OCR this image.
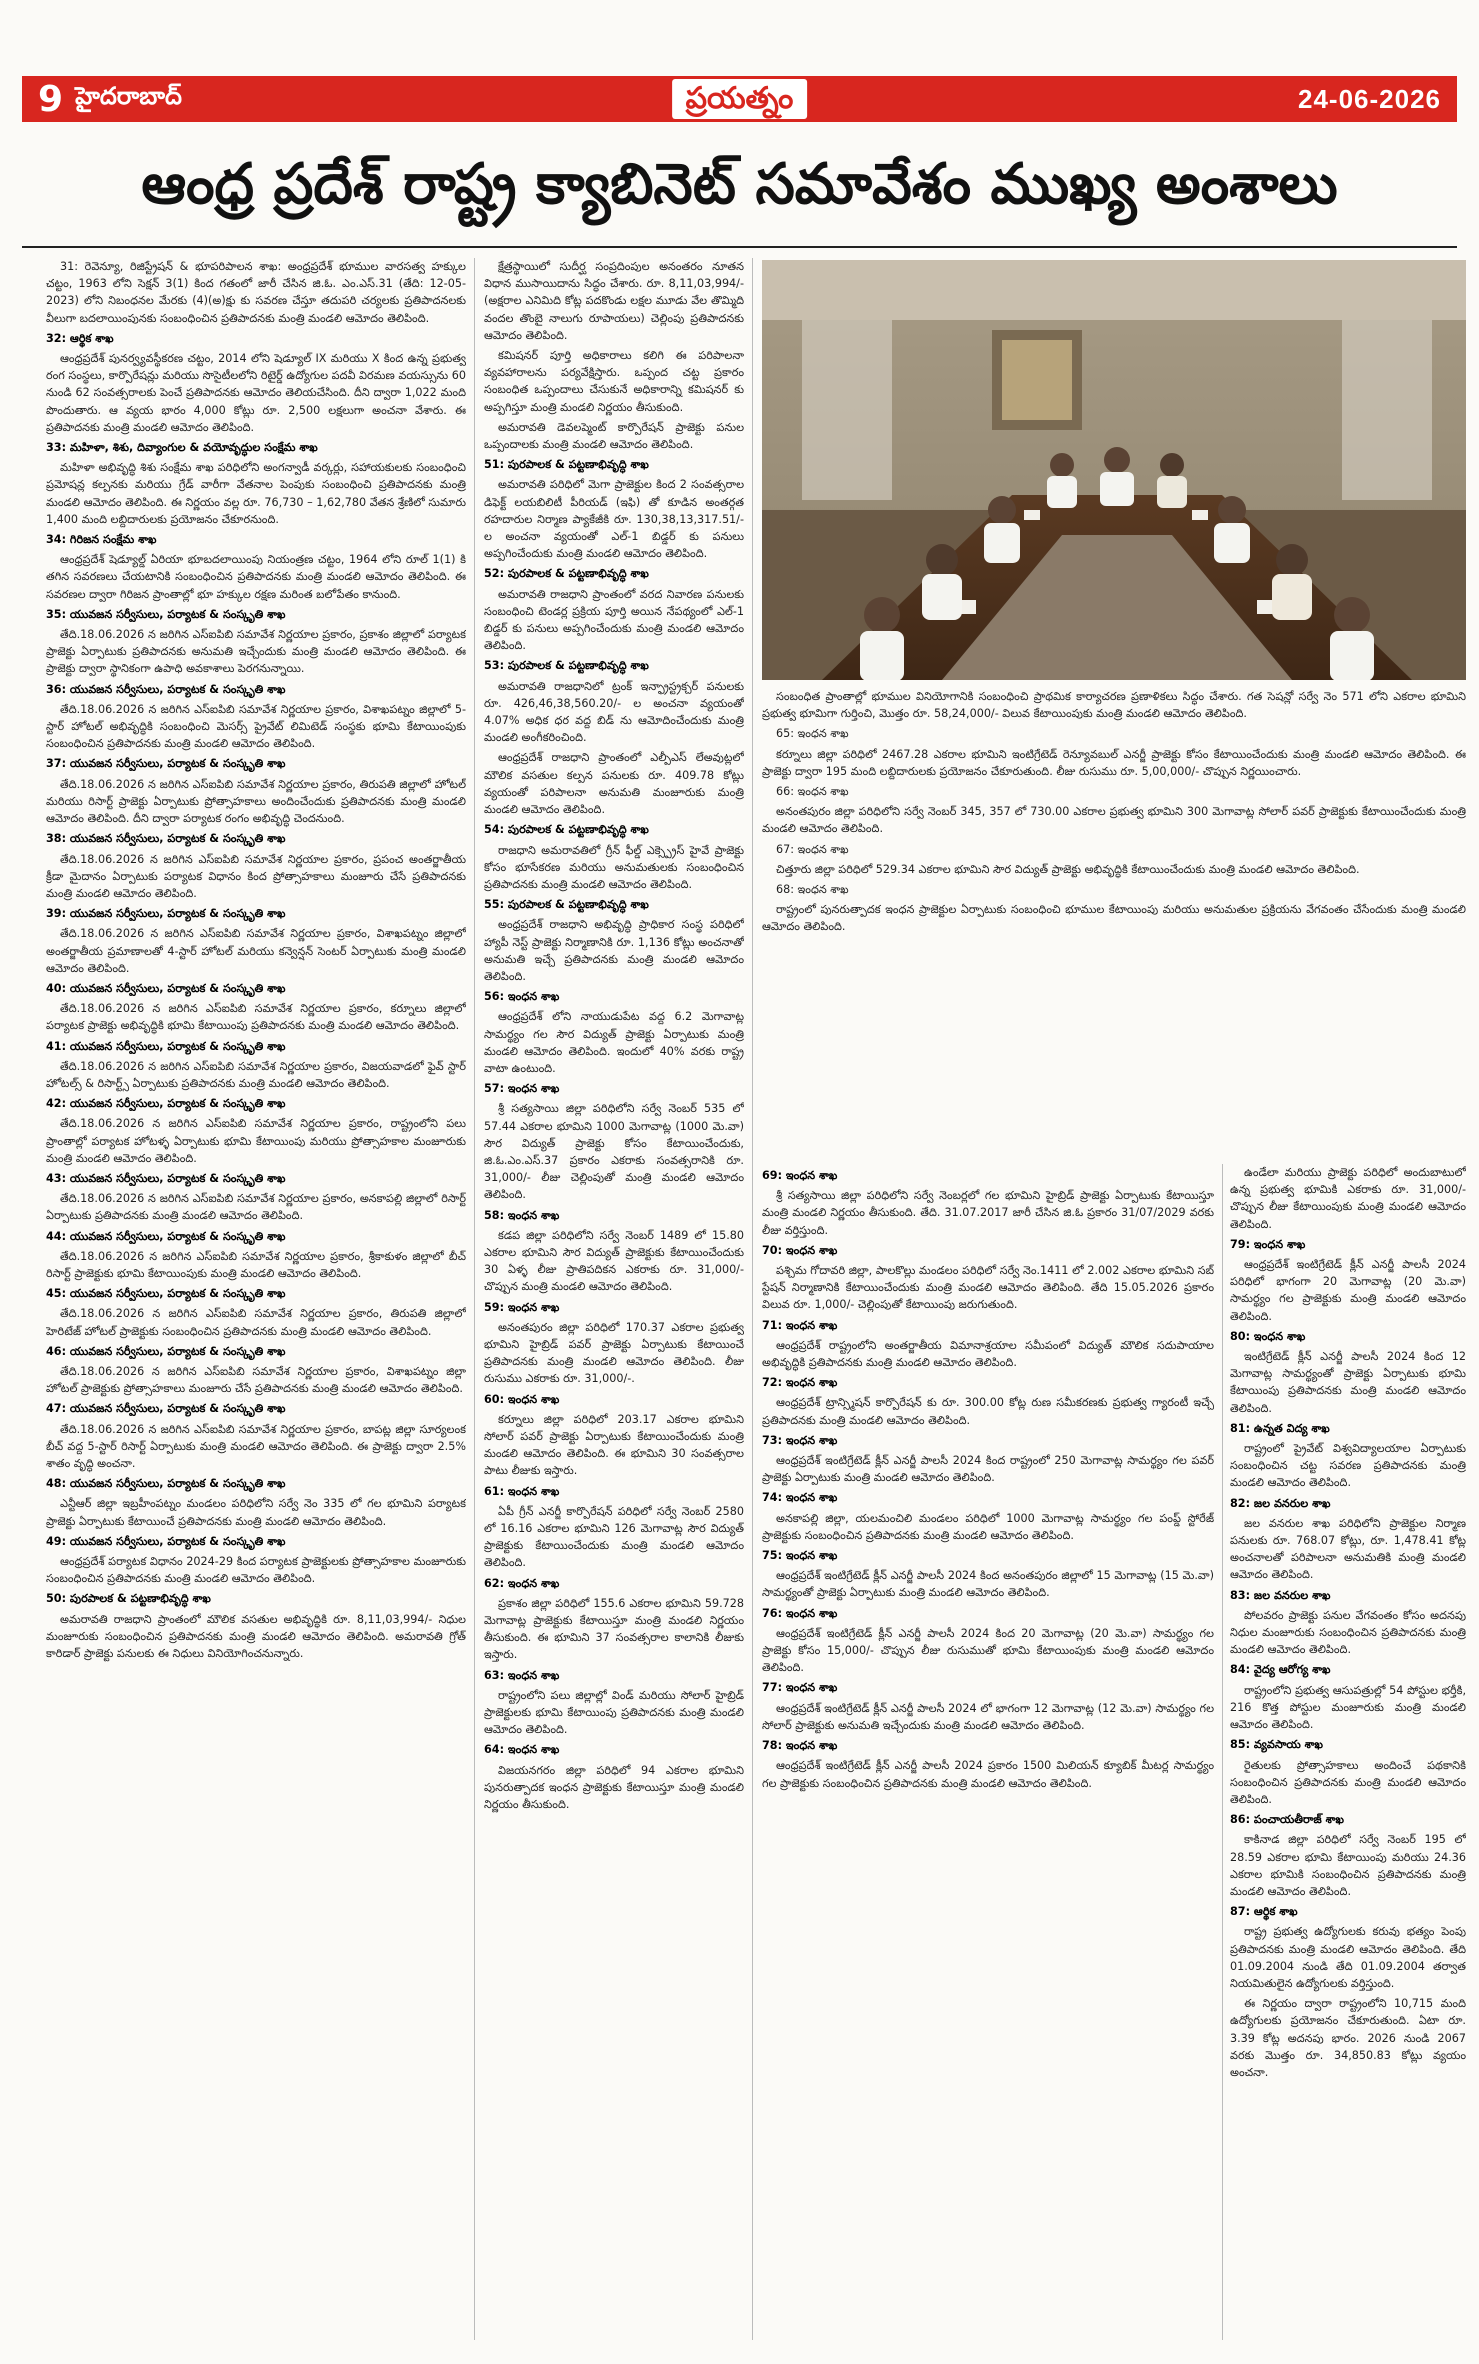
9 హైదరాబాద్	ప్రయత్నం	24-06-2026
ఆంధ్ర ప్రదేశ్ రాష్ట్ర క్యాబినెట్ సమావేశం ముఖ్య అంశాలు

31: రెవెన్యూ, రిజిస్ట్రేషన్ & భూపరిపాలన శాఖ: అంధ్రప్రదేశ్ భూముల వారసత్వ హక్కుల చట్టం, 1963 లోని సెక్షన్ 3(1) కింద గతంలో జారీ చేసిన జి.ఓ. ఎం.ఎస్.31 (తేది: 12-05-2023) లోని నిబంధనల మేరకు (4)(అ)క్షు కు సవరణ చేస్తూ తదుపరి చర్యలకు ప్రతిపాదనలకు వీలుగా బదలాయింపునకు సంబంధించిన ప్రతిపాదనకు మంత్రి మండలి ఆమోదం తెలిపింది.

32: ఆర్థిక శాఖ

ఆంధ్రప్రదేశ్ పునర్వ్యవస్థీకరణ చట్టం, 2014 లోని షెడ్యూల్ IX మరియు X కింద ఉన్న ప్రభుత్వ రంగ సంస్థలు, కార్పొరేషన్లు మరియు సొసైటీలలోని రిటైర్డ్ ఉద్యోగుల పదవీ విరమణ వయస్సును 60 నుండి 62 సంవత్సరాలకు పెంచే ప్రతిపాదనకు ఆమోదం తెలియచేసింది. దీని ద్వారా 1,022 మంది పొందుతారు. ఆ వ్యయ భారం 4,000 కోట్లు రూ. 2,500 లక్షలుగా అంచనా వేశారు. ఈ ప్రతిపాదనకు మంత్రి మండలి ఆమోదం తెలిపింది.

33: మహిళా, శిశు, దివ్యాంగుల & వయోవృద్ధుల సంక్షేమ శాఖ

మహిళా అభివృద్ధి శిశు సంక్షేమ శాఖ పరిధిలోని అంగన్వాడీ వర్కర్లు, సహాయకులకు సంబంధించి ప్రమోషన్ల కల్పనకు మరియు గ్రేడ్ వారీగా వేతనాల పెంపుకు సంబంధించి ప్రతిపాదనకు మంత్రి మండలి ఆమోదం తెలిపింది. ఈ నిర్ణయం వల్ల రూ. 76,730 – 1,62,780 వేతన శ్రేణిలో సుమారు 1,400 మంది లబ్దిదారులకు ప్రయోజనం చేకూరనుంది.

34: గిరిజన సంక్షేమ శాఖ

ఆంధ్రప్రదేశ్ షెడ్యూల్డ్ ఏరియా భూబదలాయింపు నియంత్రణ చట్టం, 1964 లోని రూల్ 1(1) కి తగిన సవరణలు చేయటానికి సంబంధించిన ప్రతిపాదనకు మంత్రి మండలి ఆమోదం తెలిపింది. ఈ సవరణల ద్వారా గిరిజన ప్రాంతాల్లో భూ హక్కుల రక్షణ మరింత బలోపేతం కానుంది.

35: యువజన సర్వీసులు, పర్యాటక & సంస్కృతి శాఖ

తేది.18.06.2026 న జరిగిన ఎస్ఐపిబి సమావేశ నిర్ణయాల ప్రకారం, ప్రకాశం జిల్లాలో పర్యాటక ప్రాజెక్టు ఏర్పాటుకు ప్రతిపాదనకు అనుమతి ఇచ్చేందుకు మంత్రి మండలి ఆమోదం తెలిపింది. ఈ ప్రాజెక్టు ద్వారా స్థానికంగా ఉపాధి అవకాశాలు పెరగనున్నాయి.

36: యువజన సర్వీసులు, పర్యాటక & సంస్కృతి శాఖ

తేది.18.06.2026 న జరిగిన ఎస్ఐపిబి సమావేశ నిర్ణయాల ప్రకారం, విశాఖపట్నం జిల్లాలో 5-స్టార్ హోటల్ అభివృద్ధికి సంబంధించి మెసర్స్ ప్రైవేట్ లిమిటెడ్ సంస్థకు భూమి కేటాయింపుకు సంబంధించిన ప్రతిపాదనకు మంత్రి మండలి ఆమోదం తెలిపింది.

37: యువజన సర్వీసులు, పర్యాటక & సంస్కృతి శాఖ

తేది.18.06.2026 న జరిగిన ఎస్ఐపిబి సమావేశ నిర్ణయాల ప్రకారం, తిరుపతి జిల్లాలో హోటల్ మరియు రిసార్ట్ ప్రాజెక్టు ఏర్పాటుకు ప్రోత్సాహకాలు అందించేందుకు ప్రతిపాదనకు మంత్రి మండలి ఆమోదం తెలిపింది. దీని ద్వారా పర్యాటక రంగం అభివృద్ధి చెందనుంది.

38: యువజన సర్వీసులు, పర్యాటక & సంస్కృతి శాఖ

తేది.18.06.2026 న జరిగిన ఎస్ఐపిబి సమావేశ నిర్ణయాల ప్రకారం, ప్రపంచ అంతర్జాతీయ క్రీడా మైదానం ఏర్పాటుకు పర్యాటక విధానం కింద ప్రోత్సాహకాలు మంజూరు చేసే ప్రతిపాదనకు మంత్రి మండలి ఆమోదం తెలిపింది.

39: యువజన సర్వీసులు, పర్యాటక & సంస్కృతి శాఖ

తేది.18.06.2026 న జరిగిన ఎస్ఐపిబి సమావేశ నిర్ణయాల ప్రకారం, విశాఖపట్నం జిల్లాలో అంతర్జాతీయ ప్రమాణాలతో 4-స్టార్ హోటల్ మరియు కన్వెన్షన్ సెంటర్ ఏర్పాటుకు మంత్రి మండలి ఆమోదం తెలిపింది.

40: యువజన సర్వీసులు, పర్యాటక & సంస్కృతి శాఖ

తేది.18.06.2026 న జరిగిన ఎస్ఐపిబి సమావేశ నిర్ణయాల ప్రకారం, కర్నూలు జిల్లాలో పర్యాటక ప్రాజెక్టు అభివృద్ధికి భూమి కేటాయింపు ప్రతిపాదనకు మంత్రి మండలి ఆమోదం తెలిపింది.

41: యువజన సర్వీసులు, పర్యాటక & సంస్కృతి శాఖ

తేది.18.06.2026 న జరిగిన ఎస్ఐపిబి సమావేశ నిర్ణయాల ప్రకారం, విజయవాడలో ఫైవ్ స్టార్ హోటల్స్ & రిసార్ట్స్ ఏర్పాటుకు ప్రతిపాదనకు మంత్రి మండలి ఆమోదం తెలిపింది.

42: యువజన సర్వీసులు, పర్యాటక & సంస్కృతి శాఖ

తేది.18.06.2026 న జరిగిన ఎస్ఐపిబి సమావేశ నిర్ణయాల ప్రకారం, రాష్ట్రంలోని పలు ప్రాంతాల్లో పర్యాటక హోటళ్ళ ఏర్పాటుకు భూమి కేటాయింపు మరియు ప్రోత్సాహకాల మంజూరుకు మంత్రి మండలి ఆమోదం తెలిపింది.

43: యువజన సర్వీసులు, పర్యాటక & సంస్కృతి శాఖ

తేది.18.06.2026 న జరిగిన ఎస్ఐపిబి సమావేశ నిర్ణయాల ప్రకారం, అనకాపల్లి జిల్లాలో రిసార్ట్ ఏర్పాటుకు ప్రతిపాదనకు మంత్రి మండలి ఆమోదం తెలిపింది.

44: యువజన సర్వీసులు, పర్యాటక & సంస్కృతి శాఖ

తేది.18.06.2026 న జరిగిన ఎస్ఐపిబి సమావేశ నిర్ణయాల ప్రకారం, శ్రీకాకుళం జిల్లాలో బీచ్ రిసార్ట్ ప్రాజెక్టుకు భూమి కేటాయింపుకు మంత్రి మండలి ఆమోదం తెలిపింది.

45: యువజన సర్వీసులు, పర్యాటక & సంస్కృతి శాఖ

తేది.18.06.2026 న జరిగిన ఎస్ఐపిబి సమావేశ నిర్ణయాల ప్రకారం, తిరుపతి జిల్లాలో హెరిటేజ్ హోటల్ ప్రాజెక్టుకు సంబంధించిన ప్రతిపాదనకు మంత్రి మండలి ఆమోదం తెలిపింది.

46: యువజన సర్వీసులు, పర్యాటక & సంస్కృతి శాఖ

తేది.18.06.2026 న జరిగిన ఎస్ఐపిబి సమావేశ నిర్ణయాల ప్రకారం, విశాఖపట్నం జిల్లా హోటల్ ప్రాజెక్టుకు ప్రోత్సాహకాలు మంజూరు చేసే ప్రతిపాదనకు మంత్రి మండలి ఆమోదం తెలిపింది.

47: యువజన సర్వీసులు, పర్యాటక & సంస్కృతి శాఖ

తేది.18.06.2026 న జరిగిన ఎస్ఐపిబి సమావేశ నిర్ణయాల ప్రకారం, బాపట్ల జిల్లా సూర్యలంక బీచ్ వద్ద 5-స్టార్ రిసార్ట్ ఏర్పాటుకు మంత్రి మండలి ఆమోదం తెలిపింది. ఈ ప్రాజెక్టు ద్వారా 2.5% శాతం వృద్ధి అంచనా.

48: యువజన సర్వీసులు, పర్యాటక & సంస్కృతి శాఖ

ఎన్టీఆర్ జిల్లా ఇబ్రహీంపట్నం మండలం పరిధిలోని సర్వే నెం 335 లో గల భూమిని పర్యాటక ప్రాజెక్టు ఏర్పాటుకు కేటాయించే ప్రతిపాదనకు మంత్రి మండలి ఆమోదం తెలిపింది.

49: యువజన సర్వీసులు, పర్యాటక & సంస్కృతి శాఖ

ఆంధ్రప్రదేశ్ పర్యాటక విధానం 2024-29 కింద పర్యాటక ప్రాజెక్టులకు ప్రోత్సాహకాల మంజూరుకు సంబంధించిన ప్రతిపాదనకు మంత్రి మండలి ఆమోదం తెలిపింది.

50: పురపాలక & పట్టణాభివృద్ధి శాఖ

అమరావతి రాజధాని ప్రాంతంలో మౌలిక వసతుల అభివృద్ధికి రూ. 8,11,03,994/- నిధుల మంజూరుకు సంబంధించిన ప్రతిపాదనకు మంత్రి మండలి ఆమోదం తెలిపింది. అమరావతి గ్రోత్ కారిడార్ ప్రాజెక్టు పనులకు ఈ నిధులు వినియోగించనున్నారు.

క్షేత్రస్థాయిలో సుదీర్ఘ సంప్రదింపుల అనంతరం నూతన విధాన ముసాయిదాను సిద్ధం చేశారు. రూ. 8,11,03,994/- (అక్షరాల ఎనిమిది కోట్ల పదకొండు లక్షల మూడు వేల తొమ్మిది వందల తొంబై నాలుగు రూపాయలు) చెల్లింపు ప్రతిపాదనకు ఆమోదం తెలిపింది.

కమిషనర్ పూర్తి అధికారాలు కలిగి ఈ పరిపాలనా వ్యవహారాలను పర్యవేక్షిస్తారు. ఒప్పంద చట్ట ప్రకారం సంబంధిత ఒప్పందాలు చేసుకునే అధికారాన్ని కమిషనర్ కు అప్పగిస్తూ మంత్రి మండలి నిర్ణయం తీసుకుంది.

అమరావతి డెవలప్మెంట్ కార్పొరేషన్ ప్రాజెక్టు పనుల ఒప్పందాలకు మంత్రి మండలి ఆమోదం తెలిపింది.

51: పురపాలక & పట్టణాభివృద్ధి శాఖ

అమరావతి పరిధిలో మెగా ప్రాజెక్టుల కింద 2 సంవత్సరాల డిఫెక్ట్ లయబిలిటీ పీరియడ్ (ఇఫి) తో కూడిన అంతర్గత రహదారుల నిర్మాణ ప్యాకేజీకి రూ. 130,38,13,317.51/- ల అంచనా వ్యయంతో ఎల్-1 బిడ్డర్ కు పనులు అప్పగించేందుకు మంత్రి మండలి ఆమోదం తెలిపింది.

52: పురపాలక & పట్టణాభివృద్ధి శాఖ

అమరావతి రాజధాని ప్రాంతంలో వరద నివారణ పనులకు సంబంధించి టెండర్ల ప్రక్రియ పూర్తి అయిన నేపథ్యంలో ఎల్-1 బిడ్డర్ కు పనులు అప్పగించేందుకు మంత్రి మండలి ఆమోదం తెలిపింది.

53: పురపాలక & పట్టణాభివృద్ధి శాఖ

అమరావతి రాజధానిలో ట్రంక్ ఇన్ఫ్రాస్ట్రక్చర్ పనులకు రూ. 426,46,38,560.20/- ల అంచనా వ్యయంతో 4.07% అధిక ధర వద్ద బిడ్ ను ఆమోదించేందుకు మంత్రి మండలి అంగీకరించింది.

ఆంధ్రప్రదేశ్ రాజధాని ప్రాంతంలో ఎల్పీఎస్ లేఅవుట్లలో మౌలిక వసతుల కల్పన పనులకు రూ. 409.78 కోట్లు వ్యయంతో పరిపాలనా అనుమతి మంజూరుకు మంత్రి మండలి ఆమోదం తెలిపింది.

54: పురపాలక & పట్టణాభివృద్ధి శాఖ

రాజధాని అమరావతిలో గ్రీన్ ఫీల్డ్ ఎక్స్ప్రెస్ హైవే ప్రాజెక్టు కోసం భూసేకరణ మరియు అనుమతులకు సంబంధించిన ప్రతిపాదనకు మంత్రి మండలి ఆమోదం తెలిపింది.

55: పురపాలక & పట్టణాభివృద్ధి శాఖ

అంధ్రప్రదేశ్ రాజధాని అభివృద్ధి ప్రాధికార సంస్థ పరిధిలో హ్యాపీ నెస్ట్ ప్రాజెక్టు నిర్మాణానికి రూ. 1,136 కోట్లు అంచనాతో అనుమతి ఇచ్చే ప్రతిపాదనకు మంత్రి మండలి ఆమోదం తెలిపింది.

56: ఇంధన శాఖ

ఆంధ్రప్రదేశ్ లోని నాయుడుపేట వద్ద 6.2 మెగావాట్ల సామర్థ్యం గల సౌర విద్యుత్ ప్రాజెక్టు ఏర్పాటుకు మంత్రి మండలి ఆమోదం తెలిపింది. ఇందులో 40% వరకు రాష్ట్ర వాటా ఉంటుంది.

57: ఇంధన శాఖ

శ్రీ సత్యసాయి జిల్లా పరిధిలోని సర్వే నెంబర్ 535 లో 57.44 ఎకరాల భూమిని 1000 మెగావాట్ల (1000 మె.వా) సౌర విద్యుత్ ప్రాజెక్టు కోసం కేటాయించేందుకు, జి.ఓ.ఎం.ఎస్.37 ప్రకారం ఎకరాకు సంవత్సరానికి రూ. 31,000/- లీజు చెల్లింపుతో మంత్రి మండలి ఆమోదం తెలిపింది.

58: ఇంధన శాఖ

కడప జిల్లా పరిధిలోని సర్వే నెంబర్ 1489 లో 15.80 ఎకరాల భూమిని సౌర విద్యుత్ ప్రాజెక్టుకు కేటాయించేందుకు 30 ఏళ్ళ లీజు ప్రాతిపదికన ఎకరాకు రూ. 31,000/- చొప్పున మంత్రి మండలి ఆమోదం తెలిపింది.

59: ఇంధన శాఖ

అనంతపురం జిల్లా పరిధిలో 170.37 ఎకరాల ప్రభుత్వ భూమిని హైబ్రిడ్ పవర్ ప్రాజెక్టు ఏర్పాటుకు కేటాయించే ప్రతిపాదనకు మంత్రి మండలి ఆమోదం తెలిపింది. లీజు రుసుము ఎకరాకు రూ. 31,000/-.

60: ఇంధన శాఖ

కర్నూలు జిల్లా పరిధిలో 203.17 ఎకరాల భూమిని సోలార్ పవర్ ప్రాజెక్టు ఏర్పాటుకు కేటాయించేందుకు మంత్రి మండలి ఆమోదం తెలిపింది. ఈ భూమిని 30 సంవత్సరాల పాటు లీజుకు ఇస్తారు.

61: ఇంధన శాఖ

ఏపీ గ్రీన్ ఎనర్జీ కార్పొరేషన్ పరిధిలో సర్వే నెంబర్ 2580 లో 16.16 ఎకరాల భూమిని 126 మెగావాట్ల సౌర విద్యుత్ ప్రాజెక్టుకు కేటాయించేందుకు మంత్రి మండలి ఆమోదం తెలిపింది.

62: ఇంధన శాఖ

ప్రకాశం జిల్లా పరిధిలో 155.6 ఎకరాల భూమిని 59.728 మెగావాట్ల ప్రాజెక్టుకు కేటాయిస్తూ మంత్రి మండలి నిర్ణయం తీసుకుంది. ఈ భూమిని 37 సంవత్సరాల కాలానికి లీజుకు ఇస్తారు.

63: ఇంధన శాఖ

రాష్ట్రంలోని పలు జిల్లాల్లో విండ్ మరియు సోలార్ హైబ్రిడ్ ప్రాజెక్టులకు భూమి కేటాయింపు ప్రతిపాదనకు మంత్రి మండలి ఆమోదం తెలిపింది.

64: ఇంధన శాఖ

విజయనగరం జిల్లా పరిధిలో 94 ఎకరాల భూమిని పునరుత్పాదక ఇంధన ప్రాజెక్టుకు కేటాయిస్తూ మంత్రి మండలి నిర్ణయం తీసుకుంది.

సంబంధిత ప్రాంతాల్లో భూముల వినియోగానికి సంబంధించి ప్రాథమిక కార్యాచరణ ప్రణాళికలు సిద్ధం చేశారు. గత సెషన్లో సర్వే నెం 571 లోని ఎకరాల భూమిని ప్రభుత్వ భూమిగా గుర్తించి, మొత్తం రూ. 58,24,000/- విలువ కేటాయింపుకు మంత్రి మండలి ఆమోదం తెలిపింది.

65: ఇంధన శాఖ

కర్నూలు జిల్లా పరిధిలో 2467.28 ఎకరాల భూమిని ఇంటిగ్రేటెడ్ రెన్యూవబుల్ ఎనర్జీ ప్రాజెక్టు కోసం కేటాయించేందుకు మంత్రి మండలి ఆమోదం తెలిపింది. ఈ ప్రాజెక్టు ద్వారా 195 మంది లబ్దిదారులకు ప్రయోజనం చేకూరుతుంది. లీజు రుసుము రూ. 5,00,000/- చొప్పున నిర్ణయించారు.

66: ఇంధన శాఖ

అనంతపురం జిల్లా పరిధిలోని సర్వే నెంబర్ 345, 357 లో 730.00 ఎకరాల ప్రభుత్వ భూమిని 300 మెగావాట్ల సోలార్ పవర్ ప్రాజెక్టుకు కేటాయించేందుకు మంత్రి మండలి ఆమోదం తెలిపింది.

67: ఇంధన శాఖ

చిత్తూరు జిల్లా పరిధిలో 529.34 ఎకరాల భూమిని సౌర విద్యుత్ ప్రాజెక్టు అభివృద్ధికి కేటాయించేందుకు మంత్రి మండలి ఆమోదం తెలిపింది.

68: ఇంధన శాఖ

రాష్ట్రంలో పునరుత్పాదక ఇంధన ప్రాజెక్టుల ఏర్పాటుకు సంబంధించి భూముల కేటాయింపు మరియు అనుమతుల ప్రక్రియను వేగవంతం చేసేందుకు మంత్రి మండలి ఆమోదం తెలిపింది.

69: ఇంధన శాఖ

శ్రీ సత్యసాయి జిల్లా పరిధిలోని సర్వే నెంబర్లలో గల భూమిని హైబ్రిడ్ ప్రాజెక్టు ఏర్పాటుకు కేటాయిస్తూ మంత్రి మండలి నిర్ణయం తీసుకుంది. తేది. 31.07.2017 జారీ చేసిన జి.ఓ ప్రకారం 31/07/2029 వరకు లీజు వర్తిస్తుంది.

70: ఇంధన శాఖ

పశ్చిమ గోదావరి జిల్లా, పాలకొల్లు మండలం పరిధిలో సర్వే నెం.1411 లో 2.002 ఎకరాల భూమిని సబ్ స్టేషన్ నిర్మాణానికి కేటాయించేందుకు మంత్రి మండలి ఆమోదం తెలిపింది. తేది 15.05.2026 ప్రకారం విలువ రూ. 1,000/- చెల్లింపుతో కేటాయింపు జరుగుతుంది.

71: ఇంధన శాఖ

ఆంధ్రప్రదేశ్ రాష్ట్రంలోని అంతర్జాతీయ విమానాశ్రయాల సమీపంలో విద్యుత్ మౌలిక సదుపాయాల అభివృద్ధికి ప్రతిపాదనకు మంత్రి మండలి ఆమోదం తెలిపింది.

72: ఇంధన శాఖ

ఆంధ్రప్రదేశ్ ట్రాన్స్మిషన్ కార్పొరేషన్ కు రూ. 300.00 కోట్ల రుణ సమీకరణకు ప్రభుత్వ గ్యారంటీ ఇచ్చే ప్రతిపాదనకు మంత్రి మండలి ఆమోదం తెలిపింది.

73: ఇంధన శాఖ

ఆంధ్రప్రదేశ్ ఇంటిగ్రేటెడ్ క్లీన్ ఎనర్జీ పాలసీ 2024 కింద రాష్ట్రంలో 250 మెగావాట్ల సామర్థ్యం గల పవర్ ప్రాజెక్టు ఏర్పాటుకు మంత్రి మండలి ఆమోదం తెలిపింది.

74: ఇంధన శాఖ

అనకాపల్లి జిల్లా, యలమంచిలి మండలం పరిధిలో 1000 మెగావాట్ల సామర్థ్యం గల పంప్డ్ స్టోరేజ్ ప్రాజెక్టుకు సంబంధించిన ప్రతిపాదనకు మంత్రి మండలి ఆమోదం తెలిపింది.

75: ఇంధన శాఖ

ఆంధ్రప్రదేశ్ ఇంటిగ్రేటెడ్ క్లీన్ ఎనర్జీ పాలసీ 2024 కింద అనంతపురం జిల్లాలో 15 మెగావాట్ల (15 మె.వా) సామర్థ్యంతో ప్రాజెక్టు ఏర్పాటుకు మంత్రి మండలి ఆమోదం తెలిపింది.

76: ఇంధన శాఖ

ఆంధ్రప్రదేశ్ ఇంటిగ్రేటెడ్ క్లీన్ ఎనర్జీ పాలసీ 2024 కింద 20 మెగావాట్ల (20 మె.వా) సామర్థ్యం గల ప్రాజెక్టు కోసం 15,000/- చొప్పున లీజు రుసుముతో భూమి కేటాయింపుకు మంత్రి మండలి ఆమోదం తెలిపింది.

77: ఇంధన శాఖ

ఆంధ్రప్రదేశ్ ఇంటిగ్రేటెడ్ క్లీన్ ఎనర్జీ పాలసీ 2024 లో భాగంగా 12 మెగావాట్ల (12 మె.వా) సామర్థ్యం గల సోలార్ ప్రాజెక్టుకు అనుమతి ఇచ్చేందుకు మంత్రి మండలి ఆమోదం తెలిపింది.

78: ఇంధన శాఖ

ఆంధ్రప్రదేశ్ ఇంటిగ్రేటెడ్ క్లీన్ ఎనర్జీ పాలసీ 2024 ప్రకారం 1500 మిలియన్ క్యూబిక్ మీటర్ల సామర్థ్యం గల ప్రాజెక్టుకు సంబంధించిన ప్రతిపాదనకు మంత్రి మండలి ఆమోదం తెలిపింది.

ఉండేలా మరియు ప్రాజెక్టు పరిధిలో అందుబాటులో ఉన్న ప్రభుత్వ భూమికి ఎకరాకు రూ. 31,000/- చొప్పున లీజు కేటాయింపుకు మంత్రి మండలి ఆమోదం తెలిపింది.

79: ఇంధన శాఖ

ఆంధ్రప్రదేశ్ ఇంటిగ్రేటెడ్ క్లీన్ ఎనర్జీ పాలసీ 2024 పరిధిలో భాగంగా 20 మెగావాట్ల (20 మె.వా) సామర్థ్యం గల ప్రాజెక్టుకు మంత్రి మండలి ఆమోదం తెలిపింది.

80: ఇంధన శాఖ

ఇంటిగ్రేటెడ్ క్లీన్ ఎనర్జీ పాలసీ 2024 కింద 12 మెగావాట్ల సామర్థ్యంతో ప్రాజెక్టు ఏర్పాటుకు భూమి కేటాయింపు ప్రతిపాదనకు మంత్రి మండలి ఆమోదం తెలిపింది.

81: ఉన్నత విద్య శాఖ

రాష్ట్రంలో ప్రైవేట్ విశ్వవిద్యాలయాల ఏర్పాటుకు సంబంధించిన చట్ట సవరణ ప్రతిపాదనకు మంత్రి మండలి ఆమోదం తెలిపింది.

82: జల వనరుల శాఖ

జల వనరుల శాఖ పరిధిలోని ప్రాజెక్టుల నిర్మాణ పనులకు రూ. 768.07 కోట్లు, రూ. 1,478.41 కోట్ల అంచనాలతో పరిపాలనా అనుమతికి మంత్రి మండలి ఆమోదం తెలిపింది.

83: జల వనరుల శాఖ

పోలవరం ప్రాజెక్టు పనుల వేగవంతం కోసం అదనపు నిధుల మంజూరుకు సంబంధించిన ప్రతిపాదనకు మంత్రి మండలి ఆమోదం తెలిపింది.

84: వైద్య ఆరోగ్య శాఖ

రాష్ట్రంలోని ప్రభుత్వ ఆసుపత్రుల్లో 54 పోస్టుల భర్తీకి, 216 కొత్త పోస్టుల మంజూరుకు మంత్రి మండలి ఆమోదం తెలిపింది.

85: వ్యవసాయ శాఖ

రైతులకు ప్రోత్సాహకాలు అందించే పథకానికి సంబంధించిన ప్రతిపాదనకు మంత్రి మండలి ఆమోదం తెలిపింది.

86: పంచాయతీరాజ్ శాఖ

కాకినాడ జిల్లా పరిధిలో సర్వే నెంబర్ 195 లో 28.59 ఎకరాల భూమి కేటాయింపు మరియు 24.36 ఎకరాల భూమికి సంబంధించిన ప్రతిపాదనకు మంత్రి మండలి ఆమోదం తెలిపింది.

87: ఆర్థిక శాఖ

రాష్ట్ర ప్రభుత్వ ఉద్యోగులకు కరువు భత్యం పెంపు ప్రతిపాదనకు మంత్రి మండలి ఆమోదం తెలిపింది. తేది 01.09.2004 నుండి తేది 01.09.2004 తర్వాత నియమితులైన ఉద్యోగులకు వర్తిస్తుంది.

ఈ నిర్ణయం ద్వారా రాష్ట్రంలోని 10,715 మంది ఉద్యోగులకు ప్రయోజనం చేకూరుతుంది. ఏటా రూ. 3.39 కోట్ల అదనపు భారం. 2026 నుండి 2067 వరకు మొత్తం రూ. 34,850.83 కోట్లు వ్యయం అంచనా.
